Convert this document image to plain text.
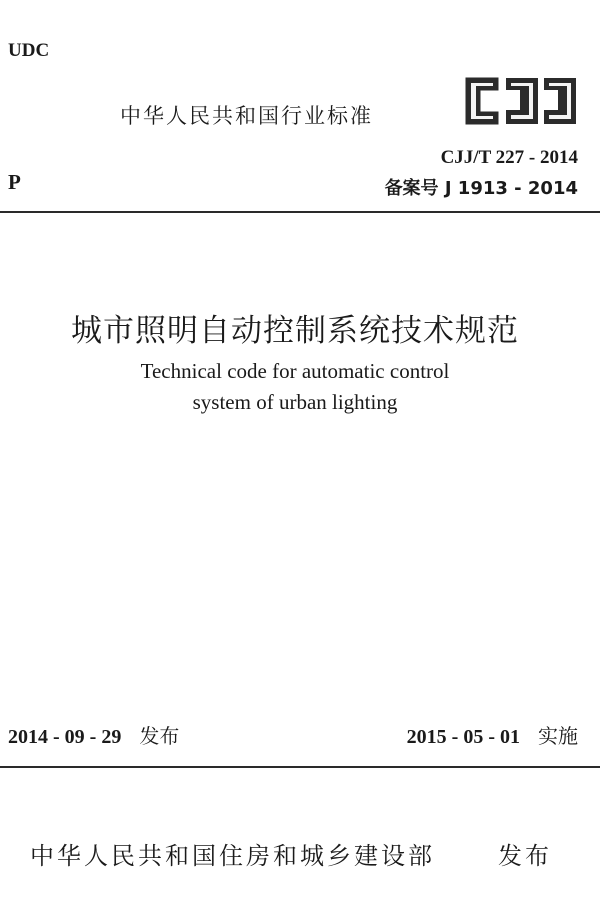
UDC
中华人民共和国行业标准
P
CJJ/T 227 - 2014
备案号 J 1913 - 2014
城市照明自动控制系统技术规范
Technical code for automatic control
system of urban lighting
2014 - 09 - 29 发布	2015 - 05 - 01 实施
中华人民共和国住房和城乡建设部	发布
